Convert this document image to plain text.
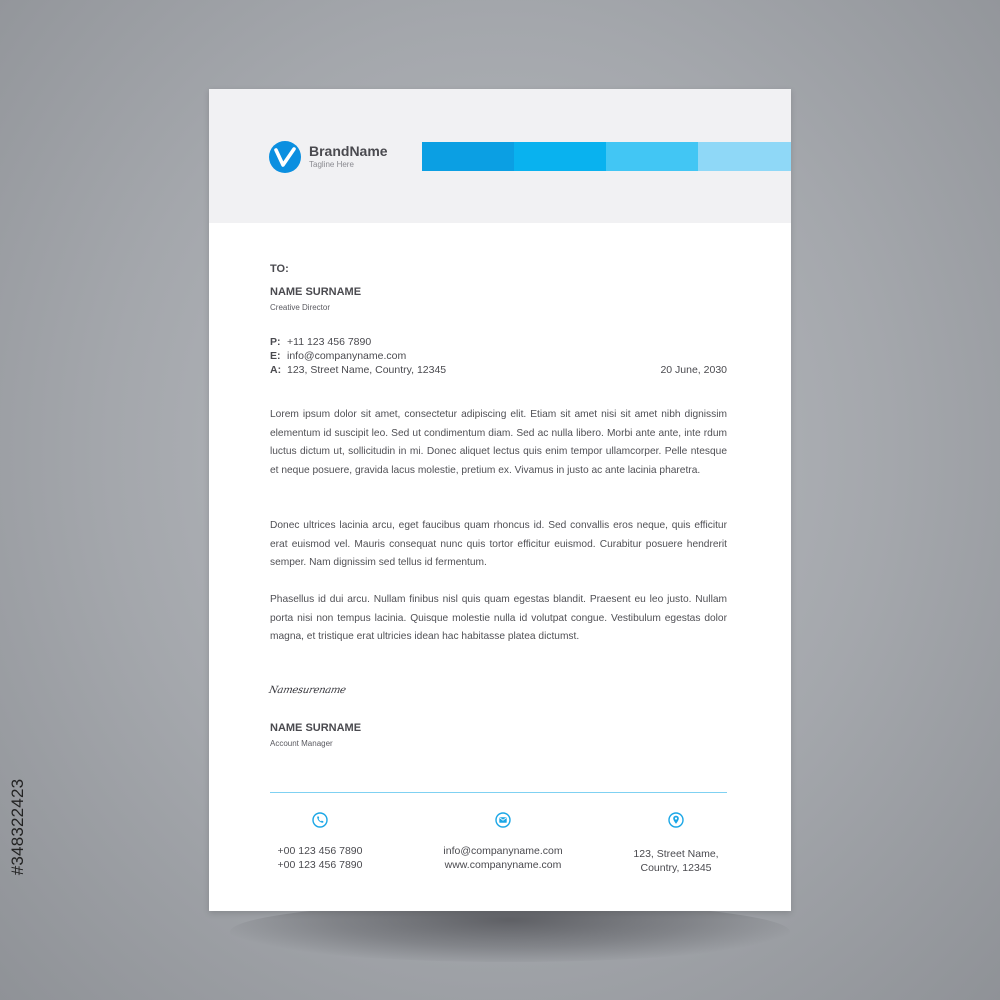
BrandName
Tagline Here
TO:
NAME SURNAME
Creative Director
P: +11 123 456 7890
E: info@companyname.com
A: 123, Street Name, Country, 12345	20 June, 2030

Lorem ipsum dolor sit amet, consectetur adipiscing elit. Etiam sit amet nisi sit amet nibh dignissim elementum id suscipit leo. Sed ut condimentum diam. Sed ac nulla libero. Morbi ante ante, inte rdum luctus dictum ut, sollicitudin in mi. Donec aliquet lectus quis enim tempor ullamcorper. Pelle ntesque et neque posuere, gravida lacus molestie, pretium ex. Vivamus in justo ac ante lacinia pharetra.

Donec ultrices lacinia arcu, eget faucibus quam rhoncus id. Sed convallis eros neque, quis efficitur erat euismod vel. Mauris consequat nunc quis tortor efficitur euismod. Curabitur posuere hendrerit semper. Nam dignissim sed tellus id fermentum.

Phasellus id dui arcu. Nullam finibus nisl quis quam egestas blandit. Praesent eu leo justo. Nullam porta nisi non tempus lacinia. Quisque molestie nulla id volutpat congue. Vestibulum egestas dolor magna, et tristique erat ultricies idean hac habitasse platea dictumst.

Namesurename
NAME SURNAME
Account Manager
+00 123 456 7890
+00 123 456 7890
info@companyname.com
www.companyname.com
123, Street Name,
Country, 12345
#348322423
